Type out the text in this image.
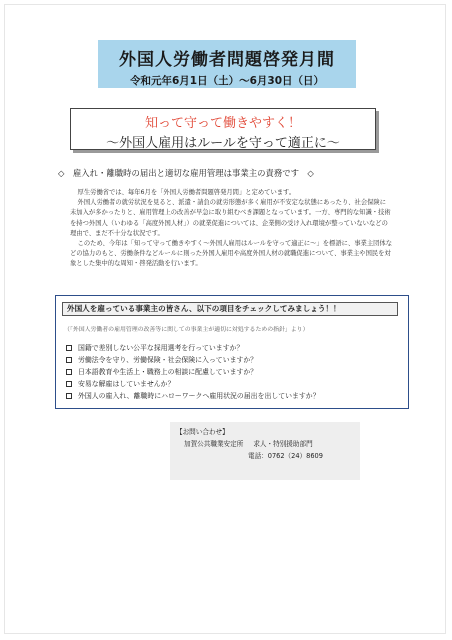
外国人労働者問題啓発月間
令和元年6月1日（土）～6月30日（日）
知って守って働きやすく！
～外国人雇用はルールを守って適正に～
◇　雇入れ・離職時の届出と適切な雇用管理は事業主の責務です　◇

厚生労働省では、毎年6月を「外国人労働者問題啓発月間」と定めています。

外国人労働者の就労状況を見ると、派遣・請負の就労形態が多く雇用が不安定な状態にあったり、社会保険に未加入が多かったりと、雇用管理上の改善が早急に取り組むべき課題となっています。一方、専門的な知識・技術を持つ外国人（いわゆる「高度外国人材」）の就業促進については、企業側の受け入れ環境が整っていないなどの理由で、まだ不十分な状況です。

このため、今年は「知って守って働きやすく～外国人雇用はルールを守って適正に～」を標語に、事業主団体などの協力のもと、労働条件などルールに則った外国人雇用や高度外国人材の就職促進について、事業主や国民を対象とした集中的な周知・啓発活動を行います。

外国人を雇っている事業主の皆さん、以下の項目をチェックしてみましょう！！
（「外国人労働者の雇用管理の改善等に関しての事業主が適切に対処するための指針」より）
国籍で差別しない公平な採用選考を行っていますか？
労働法令を守り、労働保険・社会保険に入っていますか？
日本語教育や生活上・職務上の相談に配慮していますか？
安易な解雇はしていませんか？
外国人の雇入れ、離職時にハローワークへ雇用状況の届出を出していますか？
【お問い合わせ】
加賀公共職業安定所 求人・特別援助部門
電話：0762（24）8609
